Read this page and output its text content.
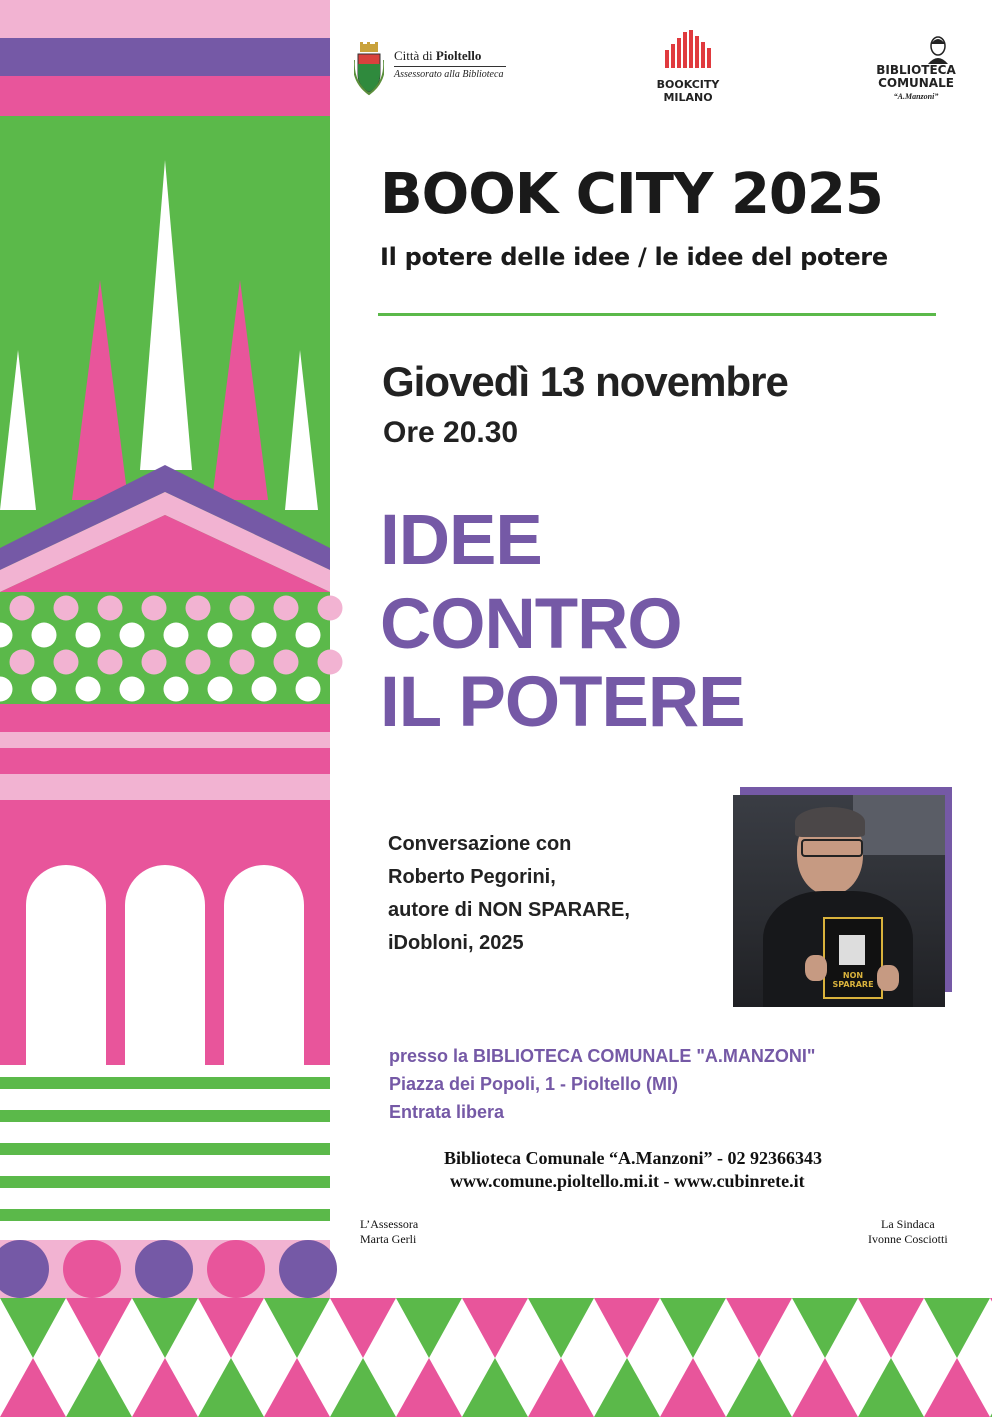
Città di Pioltello
Assessorato alla Biblioteca
BOOKCITY
MILANO
BIBLIOTECA
COMUNALE
“A.Manzoni”
BOOK CITY 2025
Il potere delle idee / le idee del potere
Giovedì 13 novembre
Ore 20.30
IDEE
CONTRO
IL POTERE
Conversazione con
Roberto Pegorini,
autore di NON SPARARE,
iDobloni, 2025
NON SPARARE
presso la BIBLIOTECA COMUNALE "A.MANZONI"
Piazza dei Popoli, 1 - Pioltello (MI)
Entrata libera
Biblioteca Comunale “A.Manzoni” - 02 92366343
www.comune.pioltello.mi.it - www.cubinrete.it
L’Assessora
Marta Gerli
La Sindaca
Ivonne Cosciotti
